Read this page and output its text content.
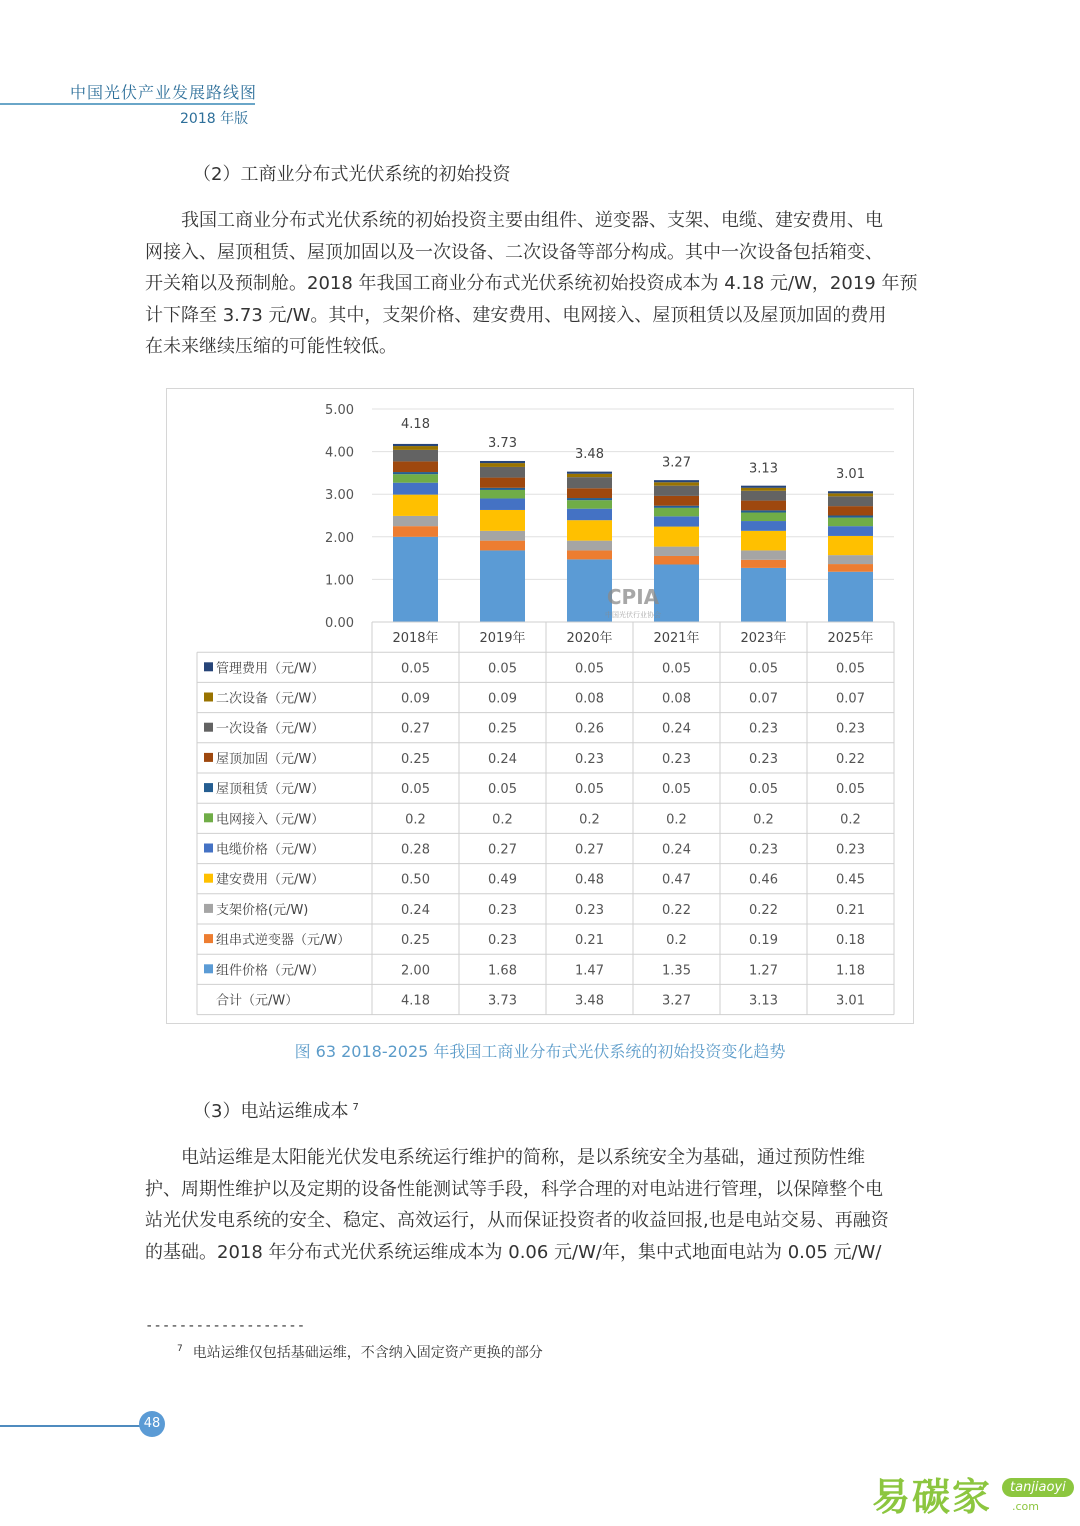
中国光伏产业发展路线图
2018 年版
（2）工商业分布式光伏系统的初始投资
我国工商业分布式光伏系统的初始投资主要由组件、逆变器、支架、电缆、建安费用、电
网接入、屋顶租赁、屋顶加固以及一次设备、二次设备等部分构成。其中一次设备包括箱变、
开关箱以及预制舱。2018 年我国工商业分布式光伏系统初始投资成本为 4.18 元/W，2019 年预
计下降至 3.73 元/W。其中，支架价格、建安费用、电网接入、屋顶租赁以及屋顶加固的费用
在未来继续压缩的可能性较低。
5.00
4.00
3.00
2.00
1.00
0.00
4.18
3.73
3.48
3.27	3.13	3.01
CPIA
中国光伏行业协会
2018年	2019年	2020年	2021年	2023年	2025年
管理费用（元/W）	0.05	0.05	0.05	0.05	0.05	0.05
二次设备（元/W）	0.09	0.09	0.08	0.08	0.07	0.07
一次设备（元/W）	0.27	0.25	0.26	0.24	0.23	0.23
屋顶加固（元/W）	0.25	0.24	0.23	0.23	0.23	0.22
屋顶租赁（元/W）	0.05	0.05	0.05	0.05	0.05	0.05
电网接入（元/W）	0.2	0.2	0.2	0.2	0.2	0.2
电缆价格（元/W）	0.28	0.27	0.27	0.24	0.23	0.23
建安费用（元/W）	0.50	0.49	0.48	0.47	0.46	0.45
支架价格(元/W)	0.24	0.23	0.23	0.22	0.22	0.21
组串式逆变器（元/W）	0.25	0.23	0.21	0.2	0.19	0.18
组件价格（元/W）	2.00	1.68	1.47	1.35	1.27	1.18
合计（元/W）	4.18	3.73	3.48	3.27	3.13	3.01
图 63 2018-2025 年我国工商业分布式光伏系统的初始投资变化趋势
（3）电站运维成本 $^7$
电站运维是太阳能光伏发电系统运行维护的简称，是以系统安全为基础，通过预防性维
护、周期性维护以及定期的设备性能测试等手段，科学合理的对电站进行管理，以保障整个电
站光伏发电系统的安全、稳定、高效运行，从而保证投资者的收益回报,也是电站交易、再融资
的基础。2018 年分布式光伏系统运维成本为 0.06 元/W/年，集中式地面电站为 0.05 元/W/
-------------------
$^7$ 电站运维仅包括基础运维，不含纳入固定资产更换的部分
48
易碳家	tanjiaoyi
.com
